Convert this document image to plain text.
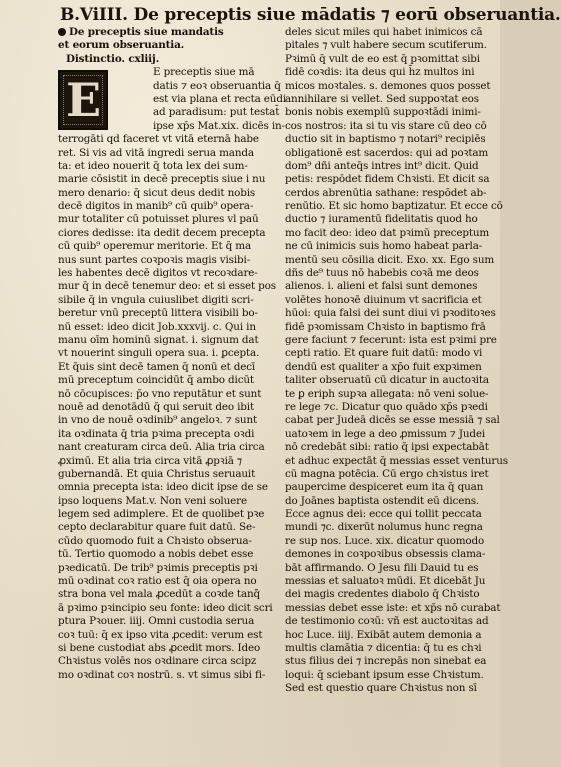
B.ViIII. De preceptis siue mādatis ⁊ eorū obseruantia.
E
De preceptis siue mandatis
et eorum obseruantia.
Distinctio. cxliij.
E preceptis siue mā
datis ⁊ eoꝛ obseruantia q̄
est via plana et recta eūdi
ad paradisum: put testat̄
ipse xp̄s Mat.xix. dicēs in-
terrogāti qd faceret vt vitā eternā habe
ret. Si vis ad vitā ingredi serua manda
ta: et ideo nouerit q̄ tota lex dei sum-
marie cōsistit in decē preceptis siue i nu
mero denario: q̄ sicut deus dedit nobis
decē digitos in manib⁹ cū quib⁹ opera-
mur totaliter cū potuisset plures vl paū
ciores dedisse: ita dedit decem precepta
cū quib⁹ operemur meritorie. Et q̄ ma
nus sunt partes coꝛpoꝛis magis visibi-
les habentes decē digitos vt recoꝛdare-
mur q̄ in decē tenemur deo: et si esset pos
sibile q̄ in vngula cuiuslibet digiti scri-
beretur vnū preceptū littera visibili bo-
nū esset: ideo dicit Job.xxxvij. c. Qui in
manu oīm hominū signat. i. signum dat
vt nouerint singuli opera sua. i. ꝑcepta.
Et q̄uis sint decē tamen q̄ nonū et decī
mū preceptum coincidūt q̄ ambo dicūt
nō cōcupisces: p̄o vno reputātur et sunt
nouē ad denotādū q̄ qui seruit deo ibit
in vno de nouē oꝛdinib⁹ angeloꝛ. ⁊ sunt
ita oꝛdinata q̄ tria pꝛima precepta oꝛdi
nant creaturam circa deū. Alia tria circa
ꝓximū. Et alia tria circa vitā ꝓpꝛiā ⁊
gubernandā. Et quia Christus seruauit
omnia precepta ista: ideo dicit ipse de se
ipso loquens Mat.v. Non veni soluere
legem sed adimplere. Et de quolibet pꝛe
cepto declarabitur quare fuit datū. Se-
cūdo quomodo fuit a Chꝛisto obserua-
tū. Tertio quomodo a nobis debet esse
pꝛedicatū. De trib⁹ pꝛimis preceptis pꝛi
mū oꝛdinat coꝛ ratio est q̄ oia opera no
stra bona vel mala ꝓcedūt a coꝛde tanq̄̄
ā pꝛimo pꝛincipio seu fonte: ideo dicit scri
ptura Pꝛouer. iiij. Omni custodia serua
coꝛ tuū: q̄ ex ipso vita ꝓcedit: verum est
si bene custodiat abs ꝓcedit mors. Ideo
Chꝛistus volēs nos oꝛdinare circa scipz
mo oꝛdinat coꝛ nostrū. s. vt simus sibi fi-
deles sicut miles qui habet inimicos cā
pitales ⁊ vult habere secum scutiferum.
Pꝛimū q̄ vult de eo est q̄ pꝛomittat sibi
fidē coꝛdis: ita deus qui h̄z multos ini
micos moꝛtales. s. demones quos posset
annihilare si vellet. Sed suppoꝛtat eos
bonis nobis exemplū suppoꝛtādi inimi-
cos nostros: ita si tu vis stare cū deo cō
ductio sit in baptismo ⁊ notari⁹ recipiēs
obligationē est sacerdos: qui ad poꝛtam
dom⁹ dñi anteq̄s intres int⁹ dicit. Quid
petis: respōdet fidem Chꝛisti. Et dicit sa
cerdos abrenūtia sathane: respōdet ab-
renūtio. Et sic homo baptizatur. Et ecce cō
ductio ⁊ iuramentū fidelitatis quod ho
mo facit deo: ideo dat pꝛimū preceptum
ne cū inimicis suis homo habeat parla-
mentū seu cōsilia dicit. Exo. xx. Ego sum
dñs de⁹ tuus nō habebis coꝛā me deos
alienos. i. alieni et falsi sunt demones
volētes honoꝛē diuinum vt sacrificia et
hūoi: quia falsi dei sunt diui vi pꝛoditoꝛes
fidē pꝛomissam Chꝛisto in baptismo frā
gere faciunt ⁊ fecerunt: ista est pꝛimi pre
cepti ratio. Et quare fuit datū: modo vi
dendū est qualiter a xp̄o fuit expꝛimen
taliter obseruatū cū dicatur in auctoꝛita
te ꝑ eriph supꝛa allegata: nō veni solue-
re lege ⁊c. Dicatur quo quādo xp̄s pꝛedi
cabat per Judeā dicēs se esse messiā ⁊ sal
uatoꝛem in lege a deo ꝓmissum ⁊ Judei
nō credebāt sibi: ratio q̄ ipsi expectabāt
et adhuc expectāt q̄ messias esset venturus
cū magna potēcia. Cū ergo chꝛistus iret
paupercime despiceret eum ita q̄ quan
do Joānes baptista ostendit eū dicens.
Ecce agnus dei: ecce qui tollit peccata
mundi ⁊c. dixerūt nolumus hunc regna
re sup nos. Luce. xix. dicatur quomodo
demones in coꝛpoꝛibus obsessis clama-
bāt affirmando. O Jesu fili Dauid tu es
messias et saluatoꝛ mūdi. Et dicebāt Ju
dei magis credentes diabolo q̄ Chꝛisto
messias debet esse iste: et xp̄s nō curabat
de testimonio coꝛū: vñ est auctoꝛitas ad
hoc Luce. iiij. Exibāt autem demonia a
multis clamātia ⁊ dicentia: q̄ tu es chꝛi
stus filius dei ⁊ increpās non sinebat ea
loqui: q̄ sciebant ipsum esse Chꝛistum.
Sed est questio quare Chꝛistus non sī
